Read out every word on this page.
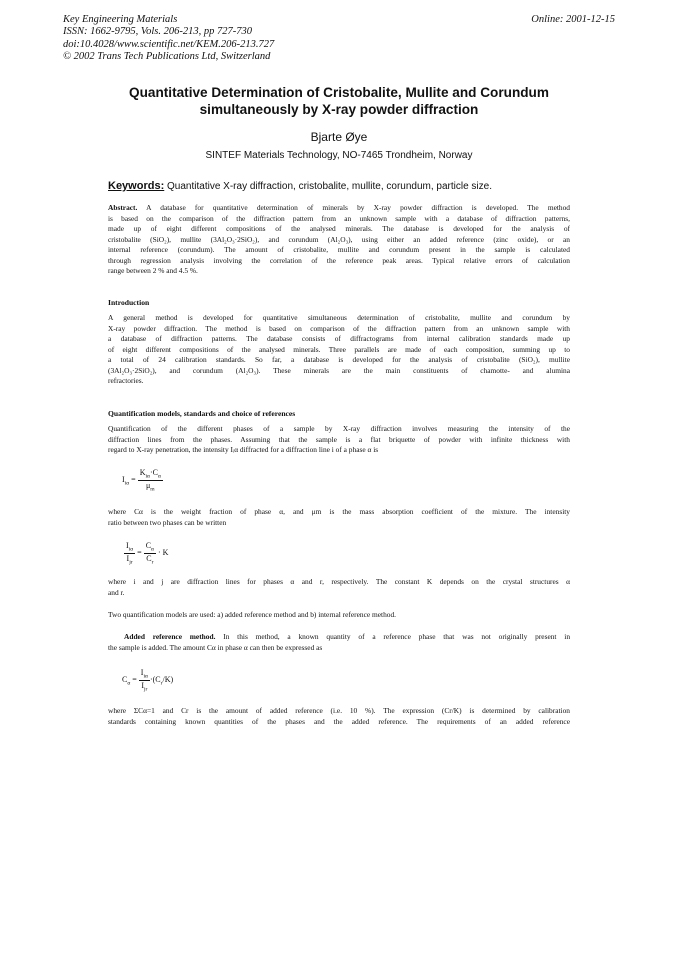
Key Engineering Materials
ISSN: 1662-9795, Vols. 206-213, pp 727-730
doi:10.4028/www.scientific.net/KEM.206-213.727
© 2002 Trans Tech Publications Ltd, Switzerland
Online: 2001-12-15
Quantitative Determination of Cristobalite, Mullite and Corundum
simultaneously by X-ray powder diffraction
Bjarte Øye
SINTEF Materials Technology, NO-7465 Trondheim, Norway
Keywords: Quantitative X-ray diffraction, cristobalite, mullite, corundum, particle size.
Abstract. A database for quantitative determination of minerals by X-ray powder diffraction is developed. The method
is based on the comparison of the diffraction pattern from an unknown sample with a database of diffraction patterns,
made up of eight different compositions of the analysed minerals. The database is developed for the analysis of
cristobalite (SiO₂), mullite (3Al₂O₃·2SiO₂), and corundum (Al₂O₃), using either an added reference (zinc oxide), or an
internal reference (corundum). The amount of cristobalite, mullite and corundum present in the sample is calculated
through regression analysis involving the correlation of the reference peak areas. Typical relative errors of calculation
range between 2 % and 4.5 %.
Introduction
A general method is developed for quantitative simultaneous determination of cristobalite, mullite and corundum by
X-ray powder diffraction. The method is based on comparison of the diffraction pattern from an unknown sample with
a database of diffraction patterns. The database consists of diffractograms from internal calibration standards made up
of eight different compositions of the analysed minerals. Three parallels are made of each composition, summing up to
a total of 24 calibration standards. So far, a database is developed for the analysis of cristobalite (SiO₂), mullite
(3Al₂O₃·2SiO₂), and corundum (Al₂O₃). These minerals are the main constituents of chamotte- and alumina
refractories.
Quantification models, standards and choice of references
Quantification of the different phases of a sample by X-ray diffraction involves measuring the intensity of the
diffraction lines from the phases. Assuming that the sample is a flat briquette of powder with infinite thickness with
regard to X-ray penetration, the intensity Iᵢα diffracted for a diffraction line i of a phase α is
$I_{i\alpha} = \frac{K_{i\alpha}\cdot C_\alpha}{\mu_m}$
where Cα is the weight fraction of phase α, and μm is the mass absorption coefficient of the mixture. The intensity
ratio between two phases can be written
$\frac{I_{i\alpha}}{I_{jr}} = \frac{C_\alpha}{C_r} \cdot K$
where i and j are diffraction lines for phases α and r, respectively. The constant K depends on the crystal structures α
and r.
Two quantification models are used: a) added reference method and b) internal reference method.
Added reference method. In this method, a known quantity of a reference phase that was not originally present in
the sample is added. The amount Cα in phase α can then be expressed as
$C_\alpha = \frac{I_{i\alpha}}{I_{jr}} \cdot(C_r/K)$
where ΣCα=1 and Cr is the amount of added reference (i.e. 10 %). The expression (Cr/K) is determined by calibration
standards containing known quantities of the phases and the added reference. The requirements of an added reference
